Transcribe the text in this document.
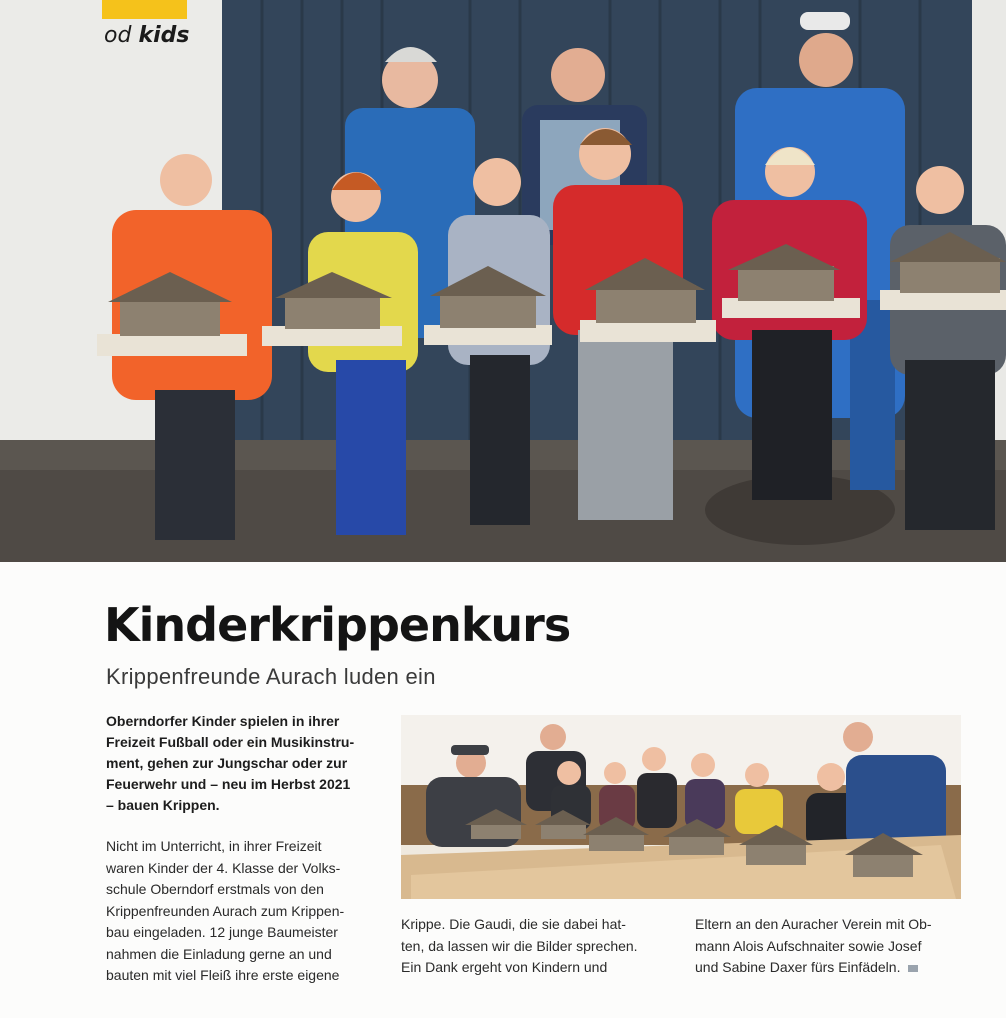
od kids
Kinderkrippenkurs
Krippenfreunde Aurach luden ein
Oberndorfer Kinder spielen in ihrer
Freizeit Fußball oder ein Musikinstru-
ment, gehen zur Jungschar oder zur
Feuerwehr und – neu im Herbst 2021
– bauen Krippen.
Nicht im Unterricht, in ihrer Freizeit
waren Kinder der 4. Klasse der Volks-
schule Oberndorf erstmals von den
Krippenfreunden Aurach zum Krippen-
bau eingeladen. 12 junge Baumeister
nahmen die Einladung gerne an und
bauten mit viel Fleiß ihre erste eigene
Krippe. Die Gaudi, die sie dabei hat-
ten, da lassen wir die Bilder sprechen.
Ein Dank ergeht von Kindern und
Eltern an den Auracher Verein mit Ob-
mann Alois Aufschnaiter sowie Josef
und Sabine Daxer fürs Einfädeln.
